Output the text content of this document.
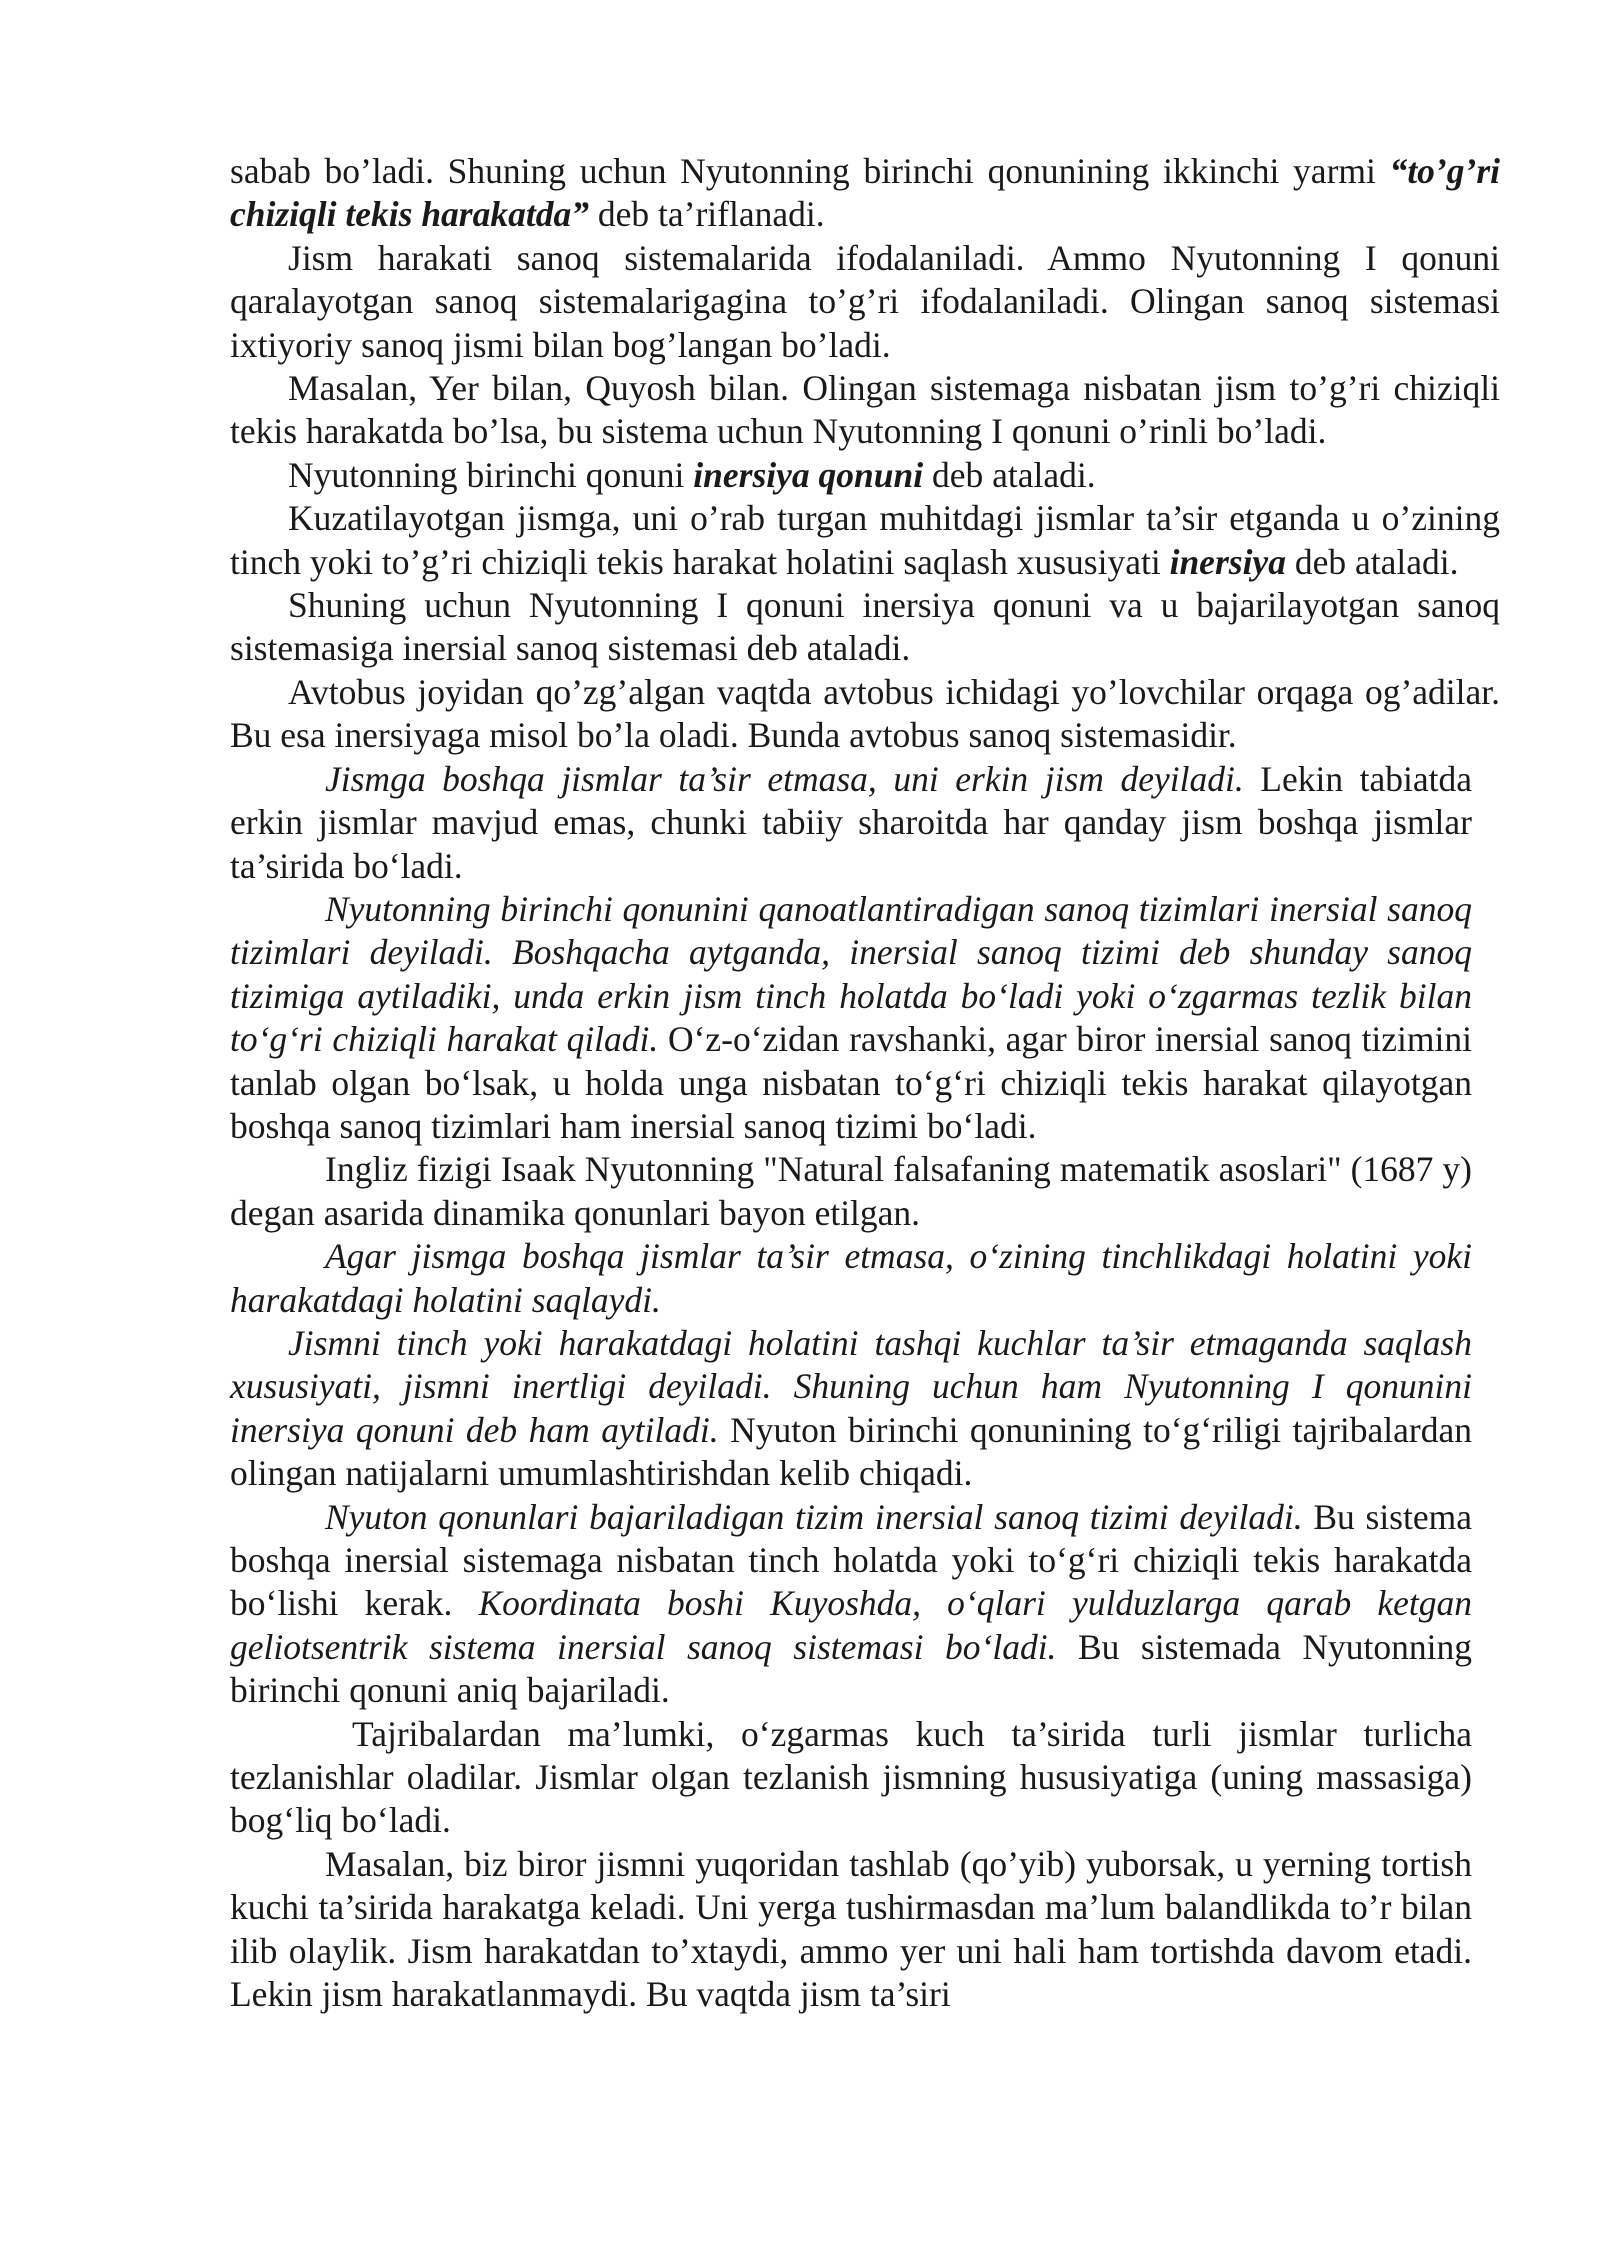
sabab bo’ladi. Shuning uchun Nyutonning birinchi qonunining ikkinchi yarmi “to’g’ri chiziqli tekis harakatda” deb ta’riflanadi.

Jism harakati sanoq sistemalarida ifodalaniladi. Ammo Nyutonning I qonuni qaralayotgan sanoq sistemalarigagina to’g’ri ifodalaniladi. Olingan sanoq sistemasi ixtiyoriy sanoq jismi bilan bog’langan bo’ladi.

Masalan, Yer bilan, Quyosh bilan. Olingan sistemaga nisbatan jism to’g’ri chiziqli tekis harakatda bo’lsa, bu sistema uchun Nyutonning I qonuni o’rinli bo’ladi.

Nyutonning birinchi qonuni inersiya qonuni deb ataladi.

Kuzatilayotgan jismga, uni o’rab turgan muhitdagi jismlar ta’sir etganda u o’zining tinch yoki to’g’ri chiziqli tekis harakat holatini saqlash xususiyati inersiya deb ataladi.

Shuning uchun Nyutonning I qonuni inersiya qonuni va u bajarilayotgan sanoq sistemasiga inersial sanoq sistemasi deb ataladi.

Avtobus joyidan qo’zg’algan vaqtda avtobus ichidagi yo’lovchilar orqaga og’adilar. Bu esa inersiyaga misol bo’la oladi. Bunda avtobus sanoq sistemasidir.

Jismga boshqa jismlar ta’sir etmasa, uni erkin jism deyiladi. Lekin tabiatda erkin jismlar mavjud emas, chunki tabiiy sharoitda har qanday jism boshqa jismlar ta’sirida bo‘ladi.

Nyutonning birinchi qonunini qanoatlantiradigan sanoq tizimlari inersial sanoq tizimlari deyiladi. Boshqacha aytganda, inersial sanoq tizimi deb shunday sanoq tizimiga aytiladiki, unda erkin jism tinch holatda bo‘ladi yoki o‘zgarmas tezlik bilan to‘g‘ri chiziqli harakat qiladi. O‘z-o‘zidan ravshanki, agar biror inersial sanoq tizimini tanlab olgan bo‘lsak, u holda unga nisbatan to‘g‘ri chiziqli tekis harakat qilayotgan boshqa sanoq tizimlari ham inersial sanoq tizimi bo‘ladi.

Ingliz fizigi Isaak Nyutonning "Natural falsafaning matematik asoslari" (1687 y) degan asarida dinamika qonunlari bayon etilgan.

Agar jismga boshqa jismlar ta’sir etmasa, o‘zining tinchlikdagi holatini yoki harakatdagi holatini saqlaydi.

Jismni tinch yoki harakatdagi holatini tashqi kuchlar ta’sir etmaganda saqlash xususiyati, jismni inertligi deyiladi. Shuning uchun ham Nyutonning I qonunini inersiya qonuni deb ham aytiladi. Nyuton birinchi qonunining to‘g‘riligi tajribalardan olingan natijalarni umumlashtirishdan kelib chiqadi.

Nyuton qonunlari bajariladigan tizim inersial sanoq tizimi deyiladi. Bu sistema boshqa inersial sistemaga nisbatan tinch holatda yoki to‘g‘ri chiziqli tekis harakatda bo‘lishi kerak. Koordinata boshi Kuyoshda, o‘qlari yulduzlarga qarab ketgan geliotsentrik sistema inersial sanoq sistemasi bo‘ladi. Bu sistemada Nyutonning birinchi qonuni aniq bajariladi.

Tajribalardan ma’lumki, o‘zgarmas kuch ta’sirida turli jismlar turlicha tezlanishlar oladilar. Jismlar olgan tezlanish jismning hususiyatiga (uning massasiga) bog‘liq bo‘ladi.

Masalan, biz biror jismni yuqoridan tashlab (qo’yib) yuborsak, u yerning tortish kuchi ta’sirida harakatga keladi. Uni yerga tushirmasdan ma’lum balandlikda to’r bilan ilib olaylik. Jism harakatdan to’xtaydi, ammo yer uni hali ham tortishda davom etadi. Lekin jism harakatlanmaydi. Bu vaqtda jism ta’siri
